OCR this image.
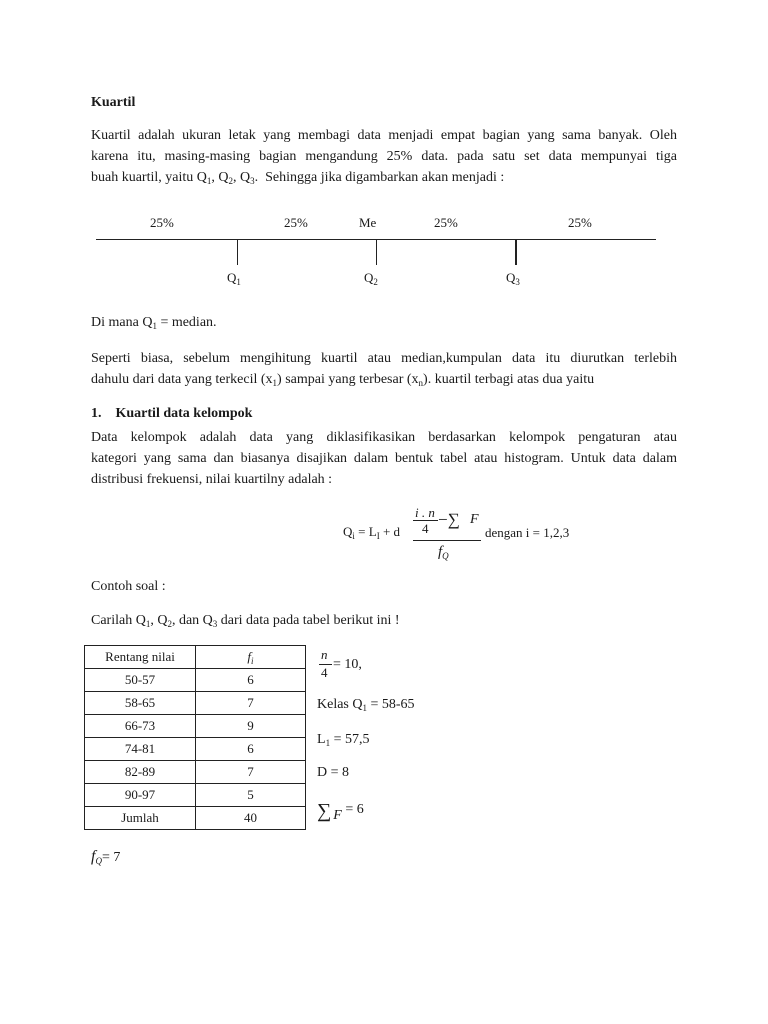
Kuartil
Kuartil adalah ukuran letak yang membagi data menjadi empat bagian yang sama banyak. Oleh
karena itu, masing-masing bagian mengandung 25% data. pada satu set data mempunyai tiga
buah kuartil, yaitu $Q_1$, $Q_2$, $Q_3$.  Sehingga jika digambarkan akan menjadi :
25%	25%	Me	25%	25%
$Q_1$	$Q_2$	$Q_3$
Di mana $Q_1$ = median.
Seperti biasa, sebelum mengihitung kuartil atau median,kumpulan data itu diurutkan terlebih
dahulu dari data yang terkecil $(x_1)$ sampai yang terbesar $(x_n)$. kuartil terbagi atas dua yaitu
1.    Kuartil data kelompok
Data kelompok adalah data yang diklasifikasikan berdasarkan kelompok pengaturan atau
kategori yang sama dan biasanya disajikan dalam bentuk tabel atau histogram. Untuk data dalam
distribusi frekuensi, nilai kuartilny adalah :
$Q_i = L_I + d$
i . n
4 −∑ F
$f_Q$
dengan i = 1,2,3
Contoh soal :
Carilah $Q_1$, $Q_2$, dan $Q_3$ dari data pada tabel berikut ini !
Rentang nilai	$f_i$
50-57	6
58-65	7
66-73	9
74-81	6
82-89	7
90-97	5
Jumlah	40
n
4
= 10,
Kelas $Q_1 = 58-65$
$L_1 = 57,5$
D = 8
∑ F = 6
$f_Q= 7$
